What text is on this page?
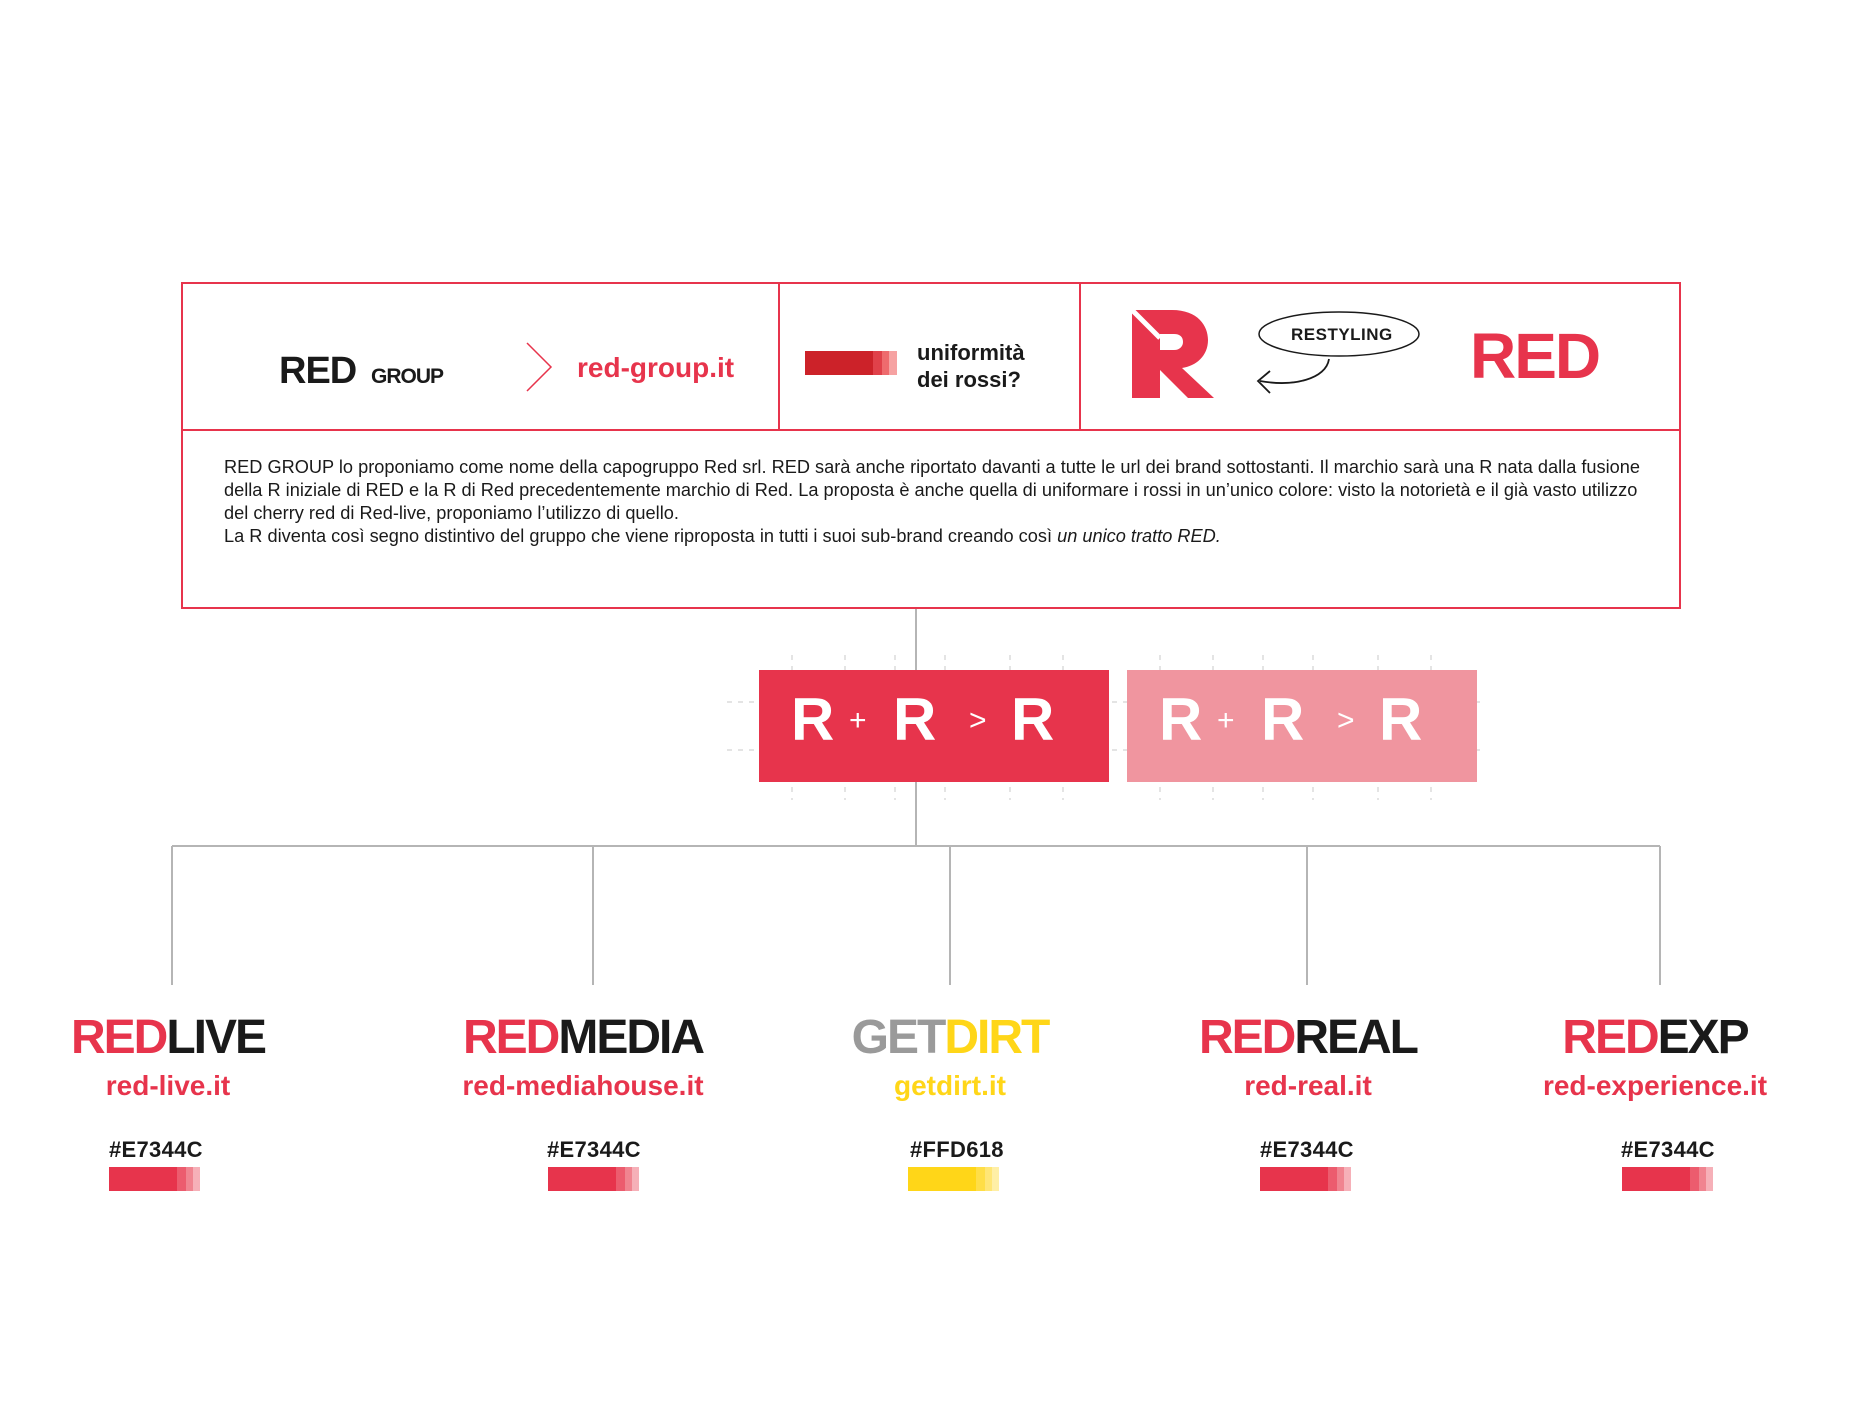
RED GROUP	red-group.it	uniformità
dei rossi?
RESTYLING RED
RED GROUP lo proponiamo come nome della capogruppo Red srl. RED sarà anche riportato davanti a tutte le url dei brand sottostanti. Il marchio sarà una R nata dalla fusione della R iniziale di RED e la R di Red precedentemente marchio di Red. La proposta è anche quella di uniformare i rossi in un’unico colore: visto la notorietà e il già vasto utilizzo del cherry red di Red-live, proponiamo l’utilizzo di quello.
La R diventa così segno distintivo del gruppo che viene riproposta in tutti i suoi sub-brand creando così un unico tratto RED.
R + R > R R + R > R
REDLIVE
red-live.it
REDMEDIA
red-mediahouse.it
GETDIRT
getdirt.it
REDREAL
red-real.it
REDEXP
red-experience.it
#E7344C	#E7344C	#FFD618	#E7344C	#E7344C
